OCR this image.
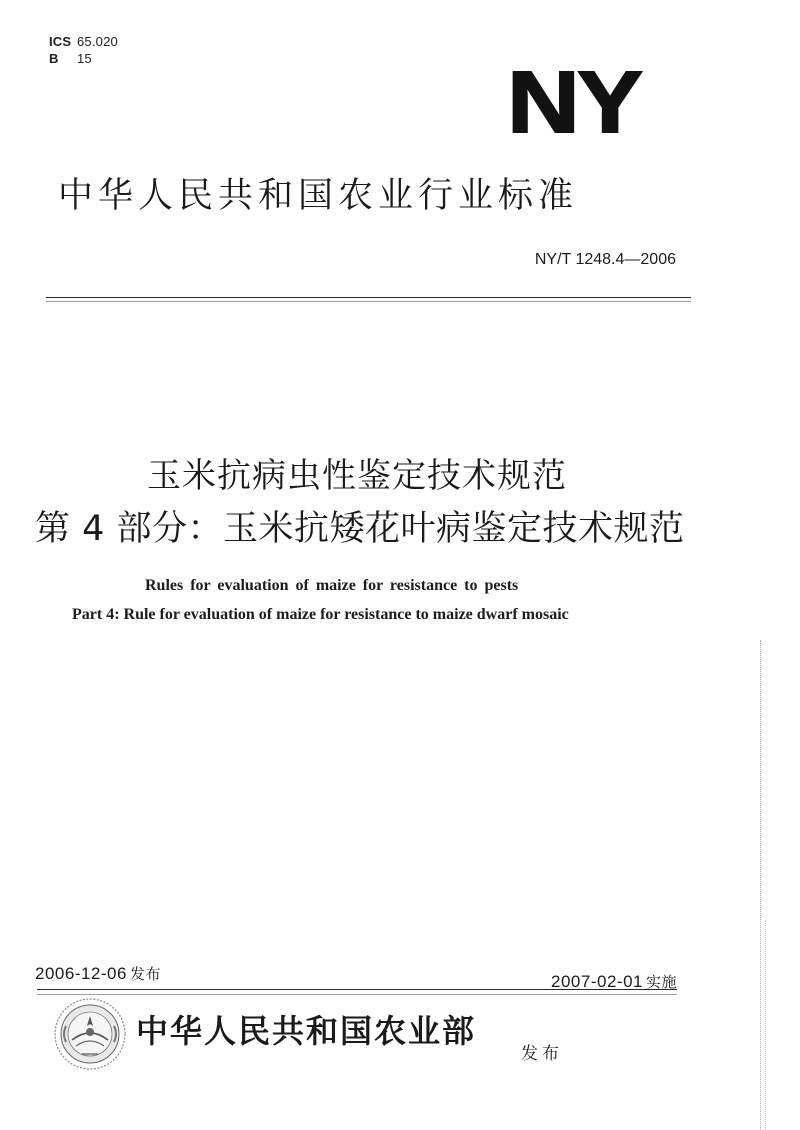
ICS 65.020
B 15	NY
中华人民共和国农业行业标准
NY/T 1248.4—2006
玉米抗病虫性鉴定技术规范
第 4 部分：玉米抗矮花叶病鉴定技术规范
Rules for evaluation of maize for resistance to pests
Part 4: Rule for evaluation of maize for resistance to maize dwarf mosaic
2006-12-06 发布	2007-02-01 实施
中华人民共和国农业部
发布
